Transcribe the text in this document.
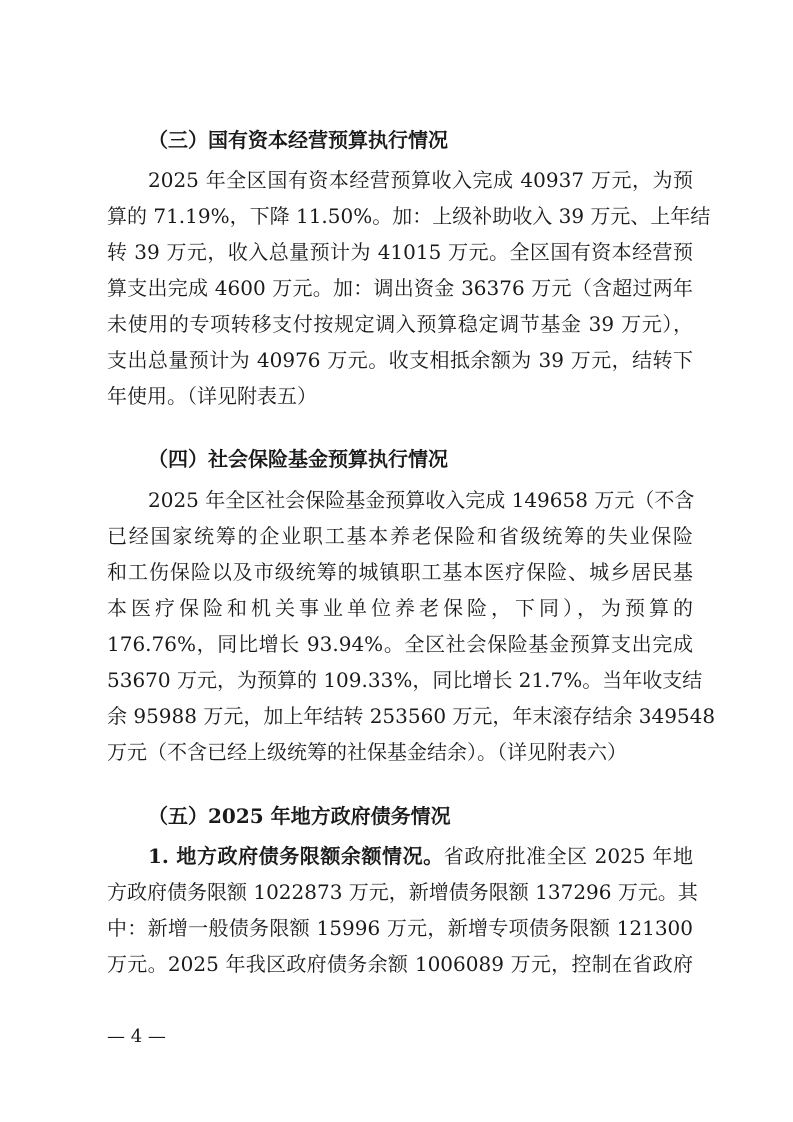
（三）国有资本经营预算执行情况
2025 年全区国有资本经营预算收入完成 40937 万元，为预
算的 71.19%，下降 11.50%。加：上级补助收入 39 万元、上年结
转 39 万元，收入总量预计为 41015 万元。全区国有资本经营预
算支出完成 4600 万元。加：调出资金 36376 万元（含超过两年
未使用的专项转移支付按规定调入预算稳定调节基金 39 万元），
支出总量预计为 40976 万元。收支相抵余额为 39 万元，结转下
年使用。（详见附表五）
（四）社会保险基金预算执行情况
2025 年全区社会保险基金预算收入完成 149658 万元（不含
已经国家统筹的企业职工基本养老保险和省级统筹的失业保险
和工伤保险以及市级统筹的城镇职工基本医疗保险、城乡居民基
本医疗保险和机关事业单位养老保险，下同），为预算的
176.76%，同比增长 93.94%。全区社会保险基金预算支出完成
53670 万元，为预算的 109.33%，同比增长 21.7%。当年收支结
余 95988 万元，加上年结转 253560 万元，年末滚存结余 349548
万元（不含已经上级统筹的社保基金结余）。（详见附表六）
（五）2025 年地方政府债务情况
1. 地方政府债务限额余额情况。省政府批准全区 2025 年地
方政府债务限额 1022873 万元，新增债务限额 137296 万元。其
中：新增一般债务限额 15996 万元，新增专项债务限额 121300
万元。2025 年我区政府债务余额 1006089 万元，控制在省政府
— 4 —
